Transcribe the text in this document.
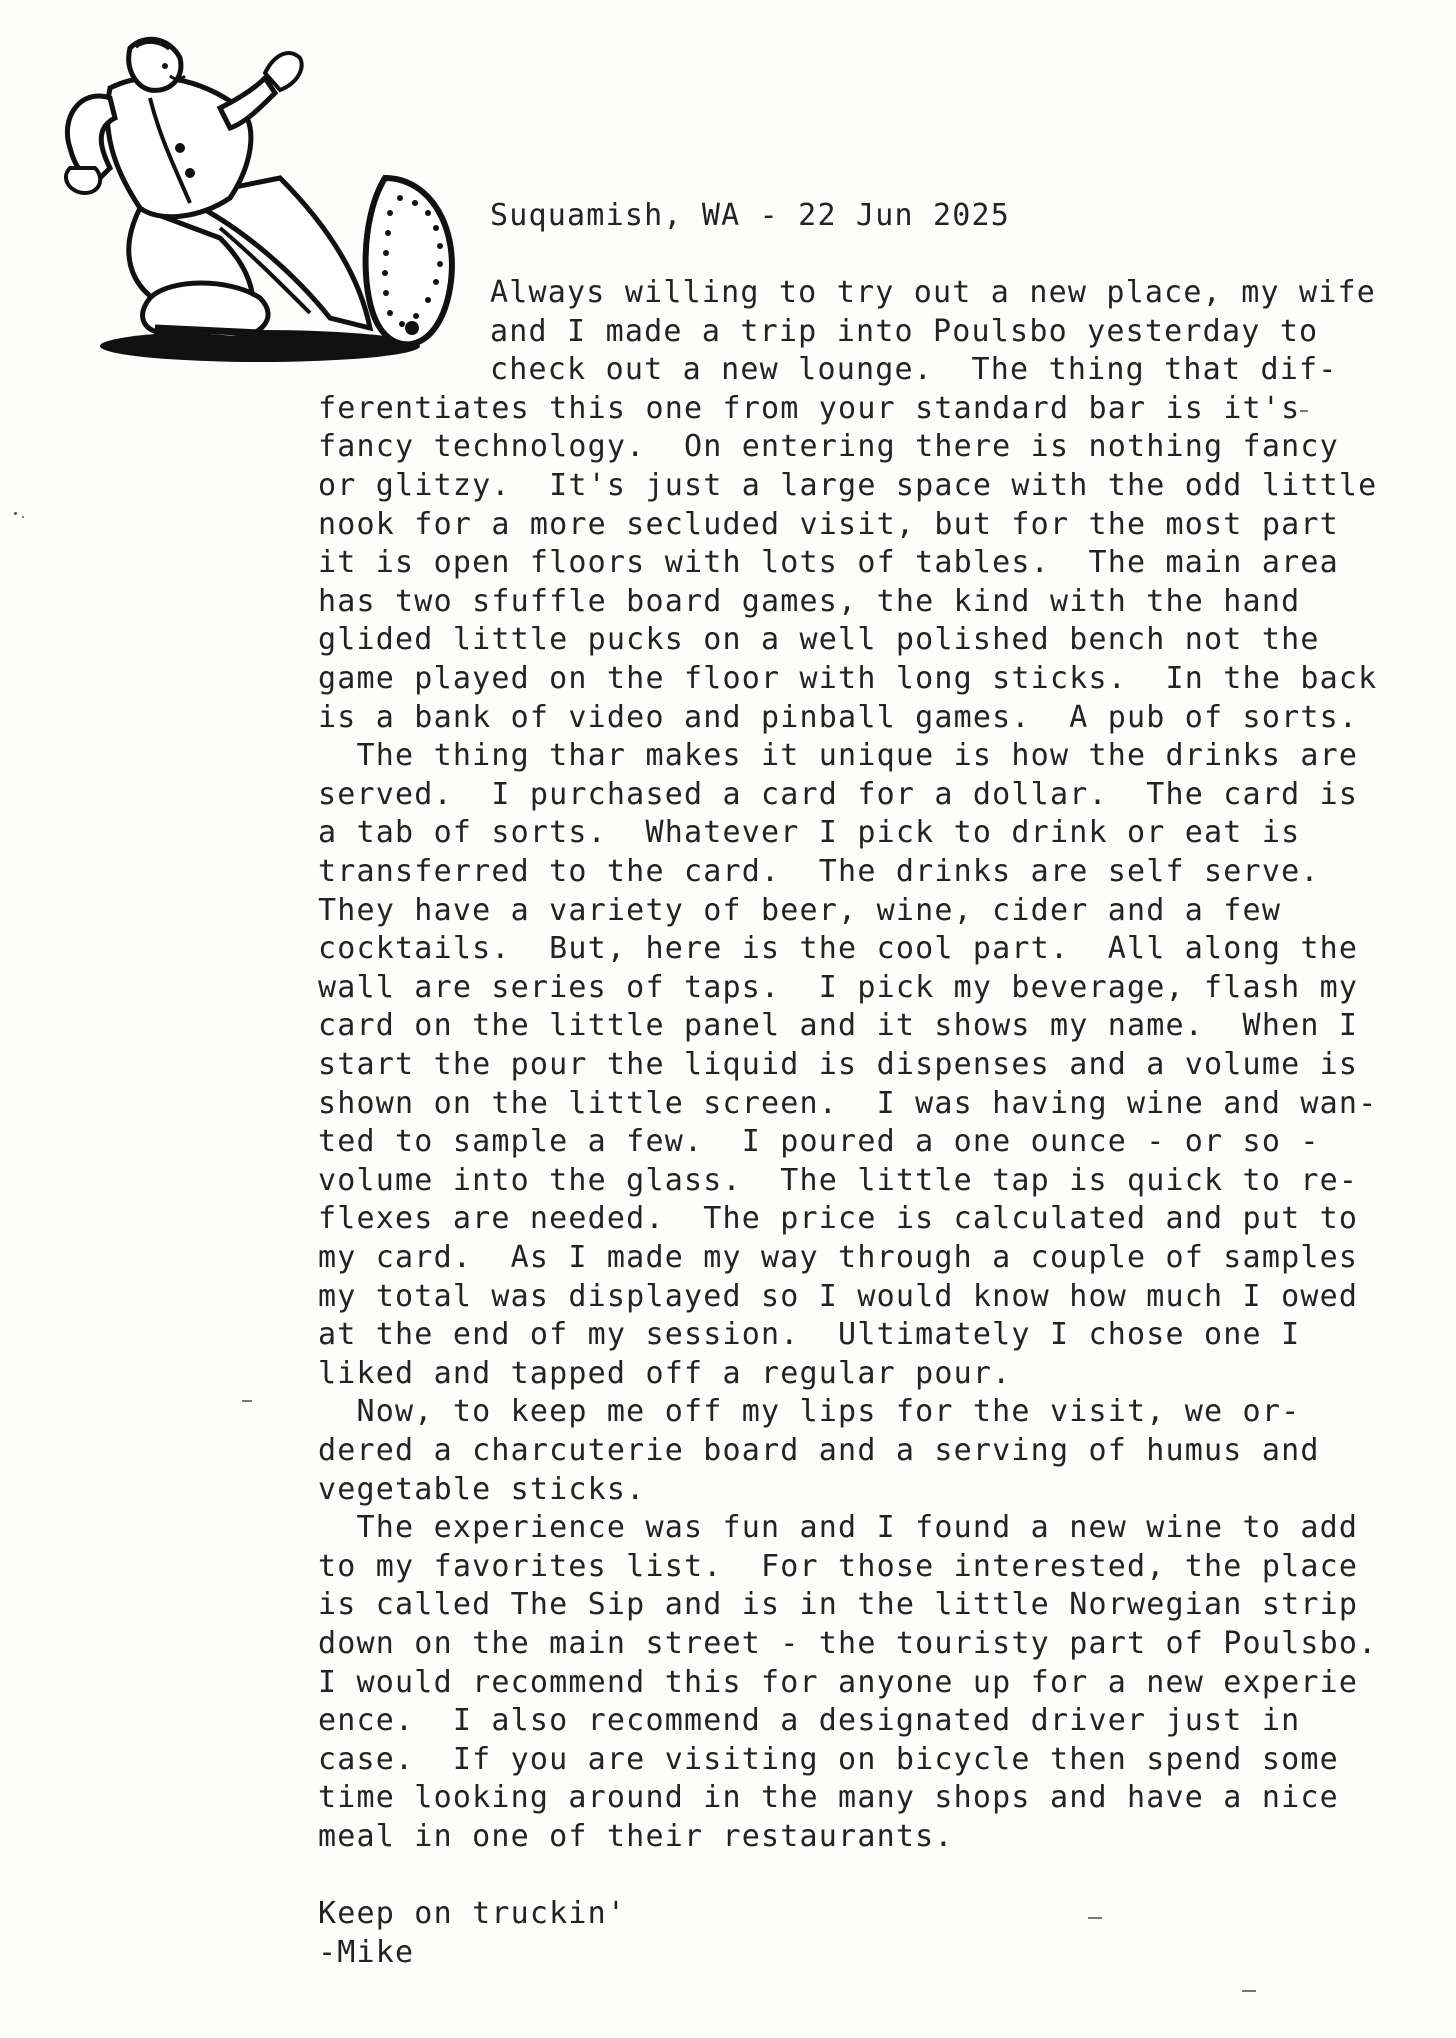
Suquamish, WA - 22 Jun 2025
Always willing to try out a new place, my wife
and I made a trip into Poulsbo yesterday to
check out a new lounge.  The thing that dif-
ferentiates this one from your standard bar is it's
fancy technology.  On entering there is nothing fancy
or glitzy.  It's just a large space with the odd little
nook for a more secluded visit, but for the most part
it is open floors with lots of tables.  The main area
has two sfuffle board games, the kind with the hand
glided little pucks on a well polished bench not the
game played on the floor with long sticks.  In the back
is a bank of video and pinball games.  A pub of sorts.
The thing thar makes it unique is how the drinks are
served.  I purchased a card for a dollar.  The card is
a tab of sorts.  Whatever I pick to drink or eat is
transferred to the card.  The drinks are self serve.
They have a variety of beer, wine, cider and a few
cocktails.  But, here is the cool part.  All along the
wall are series of taps.  I pick my beverage, flash my
card on the little panel and it shows my name.  When I
start the pour the liquid is dispenses and a volume is
shown on the little screen.  I was having wine and wan-
ted to sample a few.  I poured a one ounce - or so -
volume into the glass.  The little tap is quick to re-
flexes are needed.  The price is calculated and put to
my card.  As I made my way through a couple of samples
my total was displayed so I would know how much I owed
at the end of my session.  Ultimately I chose one I
liked and tapped off a regular pour.
Now, to keep me off my lips for the visit, we or-
dered a charcuterie board and a serving of humus and
vegetable sticks.
The experience was fun and I found a new wine to add
to my favorites list.  For those interested, the place
is called The Sip and is in the little Norwegian strip
down on the main street - the touristy part of Poulsbo.
I would recommend this for anyone up for a new experie
ence.  I also recommend a designated driver just in
case.  If you are visiting on bicycle then spend some
time looking around in the many shops and have a nice
meal in one of their restaurants.
Keep on truckin'
-Mike
